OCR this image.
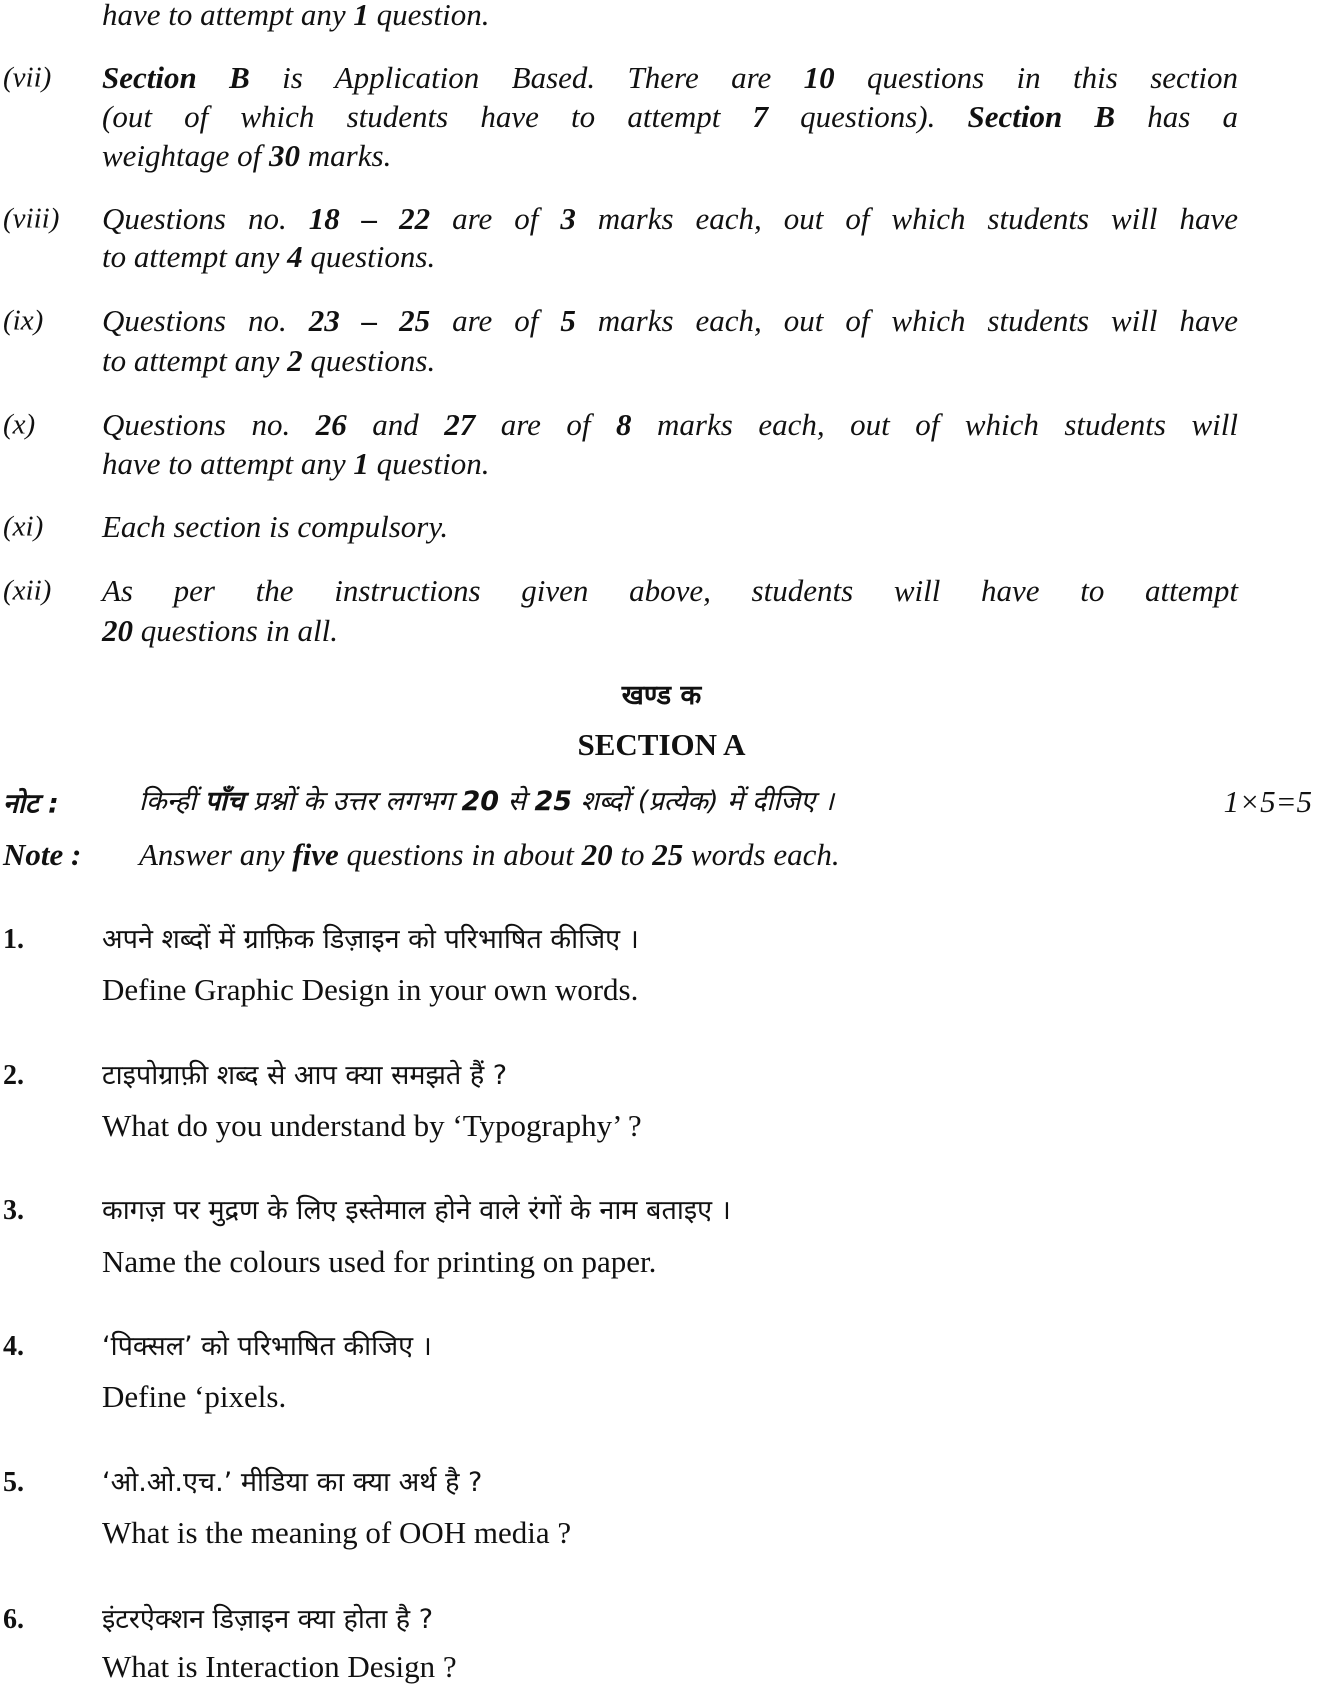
खण्ड क
SECTION A
नोट :	किन्हीं पाँच प्रश्नों के उत्तर लगभग 20 से 25 शब्दों (प्रत्येक) में दीजिए ।	1×5=5
Note : Answer any five questions in about 20 to 25 words each.
have to attempt any 1 question.
(vii) Section B is Application Based. There are 10 questions in this section
(out of which students have to attempt 7 questions). Section B has a
weightage of 30 marks.
(viii) Questions no. 18 – 22 are of 3 marks each, out of which students will have
to attempt any 4 questions.
(ix) Questions no. 23 – 25 are of 5 marks each, out of which students will have
to attempt any 2 questions.
(x) Questions no. 26 and 27 are of 8 marks each, out of which students will
have to attempt any 1 question.
(xi) Each section is compulsory.
(xii) As per the instructions given above, students will have to attempt
20 questions in all.
1.	अपने शब्दों में ग्राफ़िक डिज़ाइन को परिभाषित कीजिए ।
Define Graphic Design in your own words.
2.	टाइपोग्राफ़ी शब्द से आप क्या समझते हैं ?
What do you understand by ‘Typography’ ?
3.	कागज़ पर मुद्रण के लिए इस्तेमाल होने वाले रंगों के नाम बताइए ।
Name the colours used for printing on paper.
4.	‘पिक्सल’ को परिभाषित कीजिए ।
Define ‘pixels.
5.	‘ओ.ओ.एच.’ मीडिया का क्या अर्थ है ?
What is the meaning of OOH media ?
6.	इंटरऐक्शन डिज़ाइन क्या होता है ?
What is Interaction Design ?
